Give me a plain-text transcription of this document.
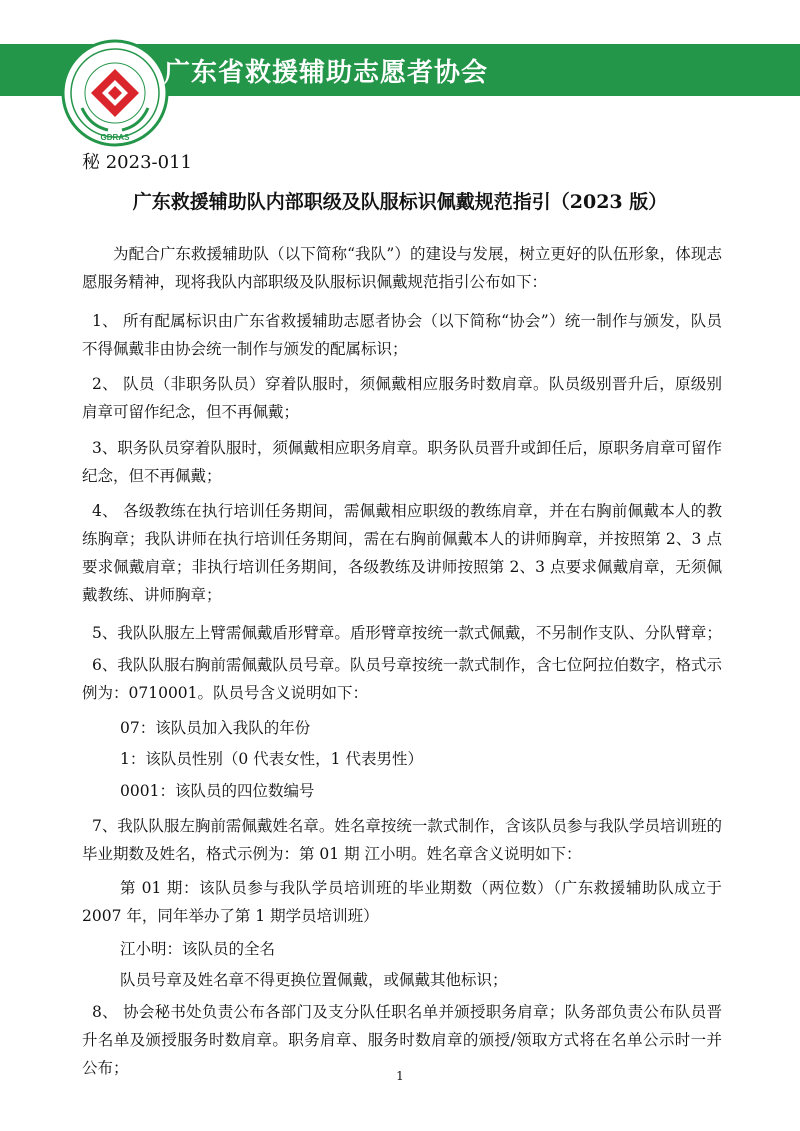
GDRAS
广东省救援辅助志愿者协会
秘 2023-011
广东救援辅助队内部职级及队服标识佩戴规范指引（2023 版）
为配合广东救援辅助队（以下简称“我队”）的建设与发展，树立更好的队伍形象，体现志愿服务精神，现将我队内部职级及队服标识佩戴规范指引公布如下：
1、 所有配属标识由广东省救援辅助志愿者协会（以下简称“协会”）统一制作与颁发，队员不得佩戴非由协会统一制作与颁发的配属标识；
2、 队员（非职务队员）穿着队服时，须佩戴相应服务时数肩章。队员级别晋升后，原级别肩章可留作纪念，但不再佩戴；
3、职务队员穿着队服时，须佩戴相应职务肩章。职务队员晋升或卸任后，原职务肩章可留作纪念，但不再佩戴；
4、 各级教练在执行培训任务期间，需佩戴相应职级的教练肩章，并在右胸前佩戴本人的教练胸章；我队讲师在执行培训任务期间，需在右胸前佩戴本人的讲师胸章，并按照第 2、3 点要求佩戴肩章；非执行培训任务期间，各级教练及讲师按照第 2、3 点要求佩戴肩章，无须佩戴教练、讲师胸章；
5、我队队服左上臂需佩戴盾形臂章。盾形臂章按统一款式佩戴，不另制作支队、分队臂章；
6、我队队服右胸前需佩戴队员号章。队员号章按统一款式制作，含七位阿拉伯数字，格式示例为：0710001。队员号含义说明如下：
07：该队员加入我队的年份
1：该队员性别（0 代表女性，1 代表男性）
0001：该队员的四位数编号
7、我队队服左胸前需佩戴姓名章。姓名章按统一款式制作，含该队员参与我队学员培训班的毕业期数及姓名，格式示例为：第 01 期 江小明。姓名章含义说明如下：
第 01 期：该队员参与我队学员培训班的毕业期数（两位数）（广东救援辅助队成立于 2007 年，同年举办了第 1 期学员培训班）
江小明：该队员的全名
队员号章及姓名章不得更换位置佩戴，或佩戴其他标识；
8、 协会秘书处负责公布各部门及支分队任职名单并颁授职务肩章；队务部负责公布队员晋升名单及颁授服务时数肩章。职务肩章、服务时数肩章的颁授/领取方式将在名单公示时一并公布；	1
